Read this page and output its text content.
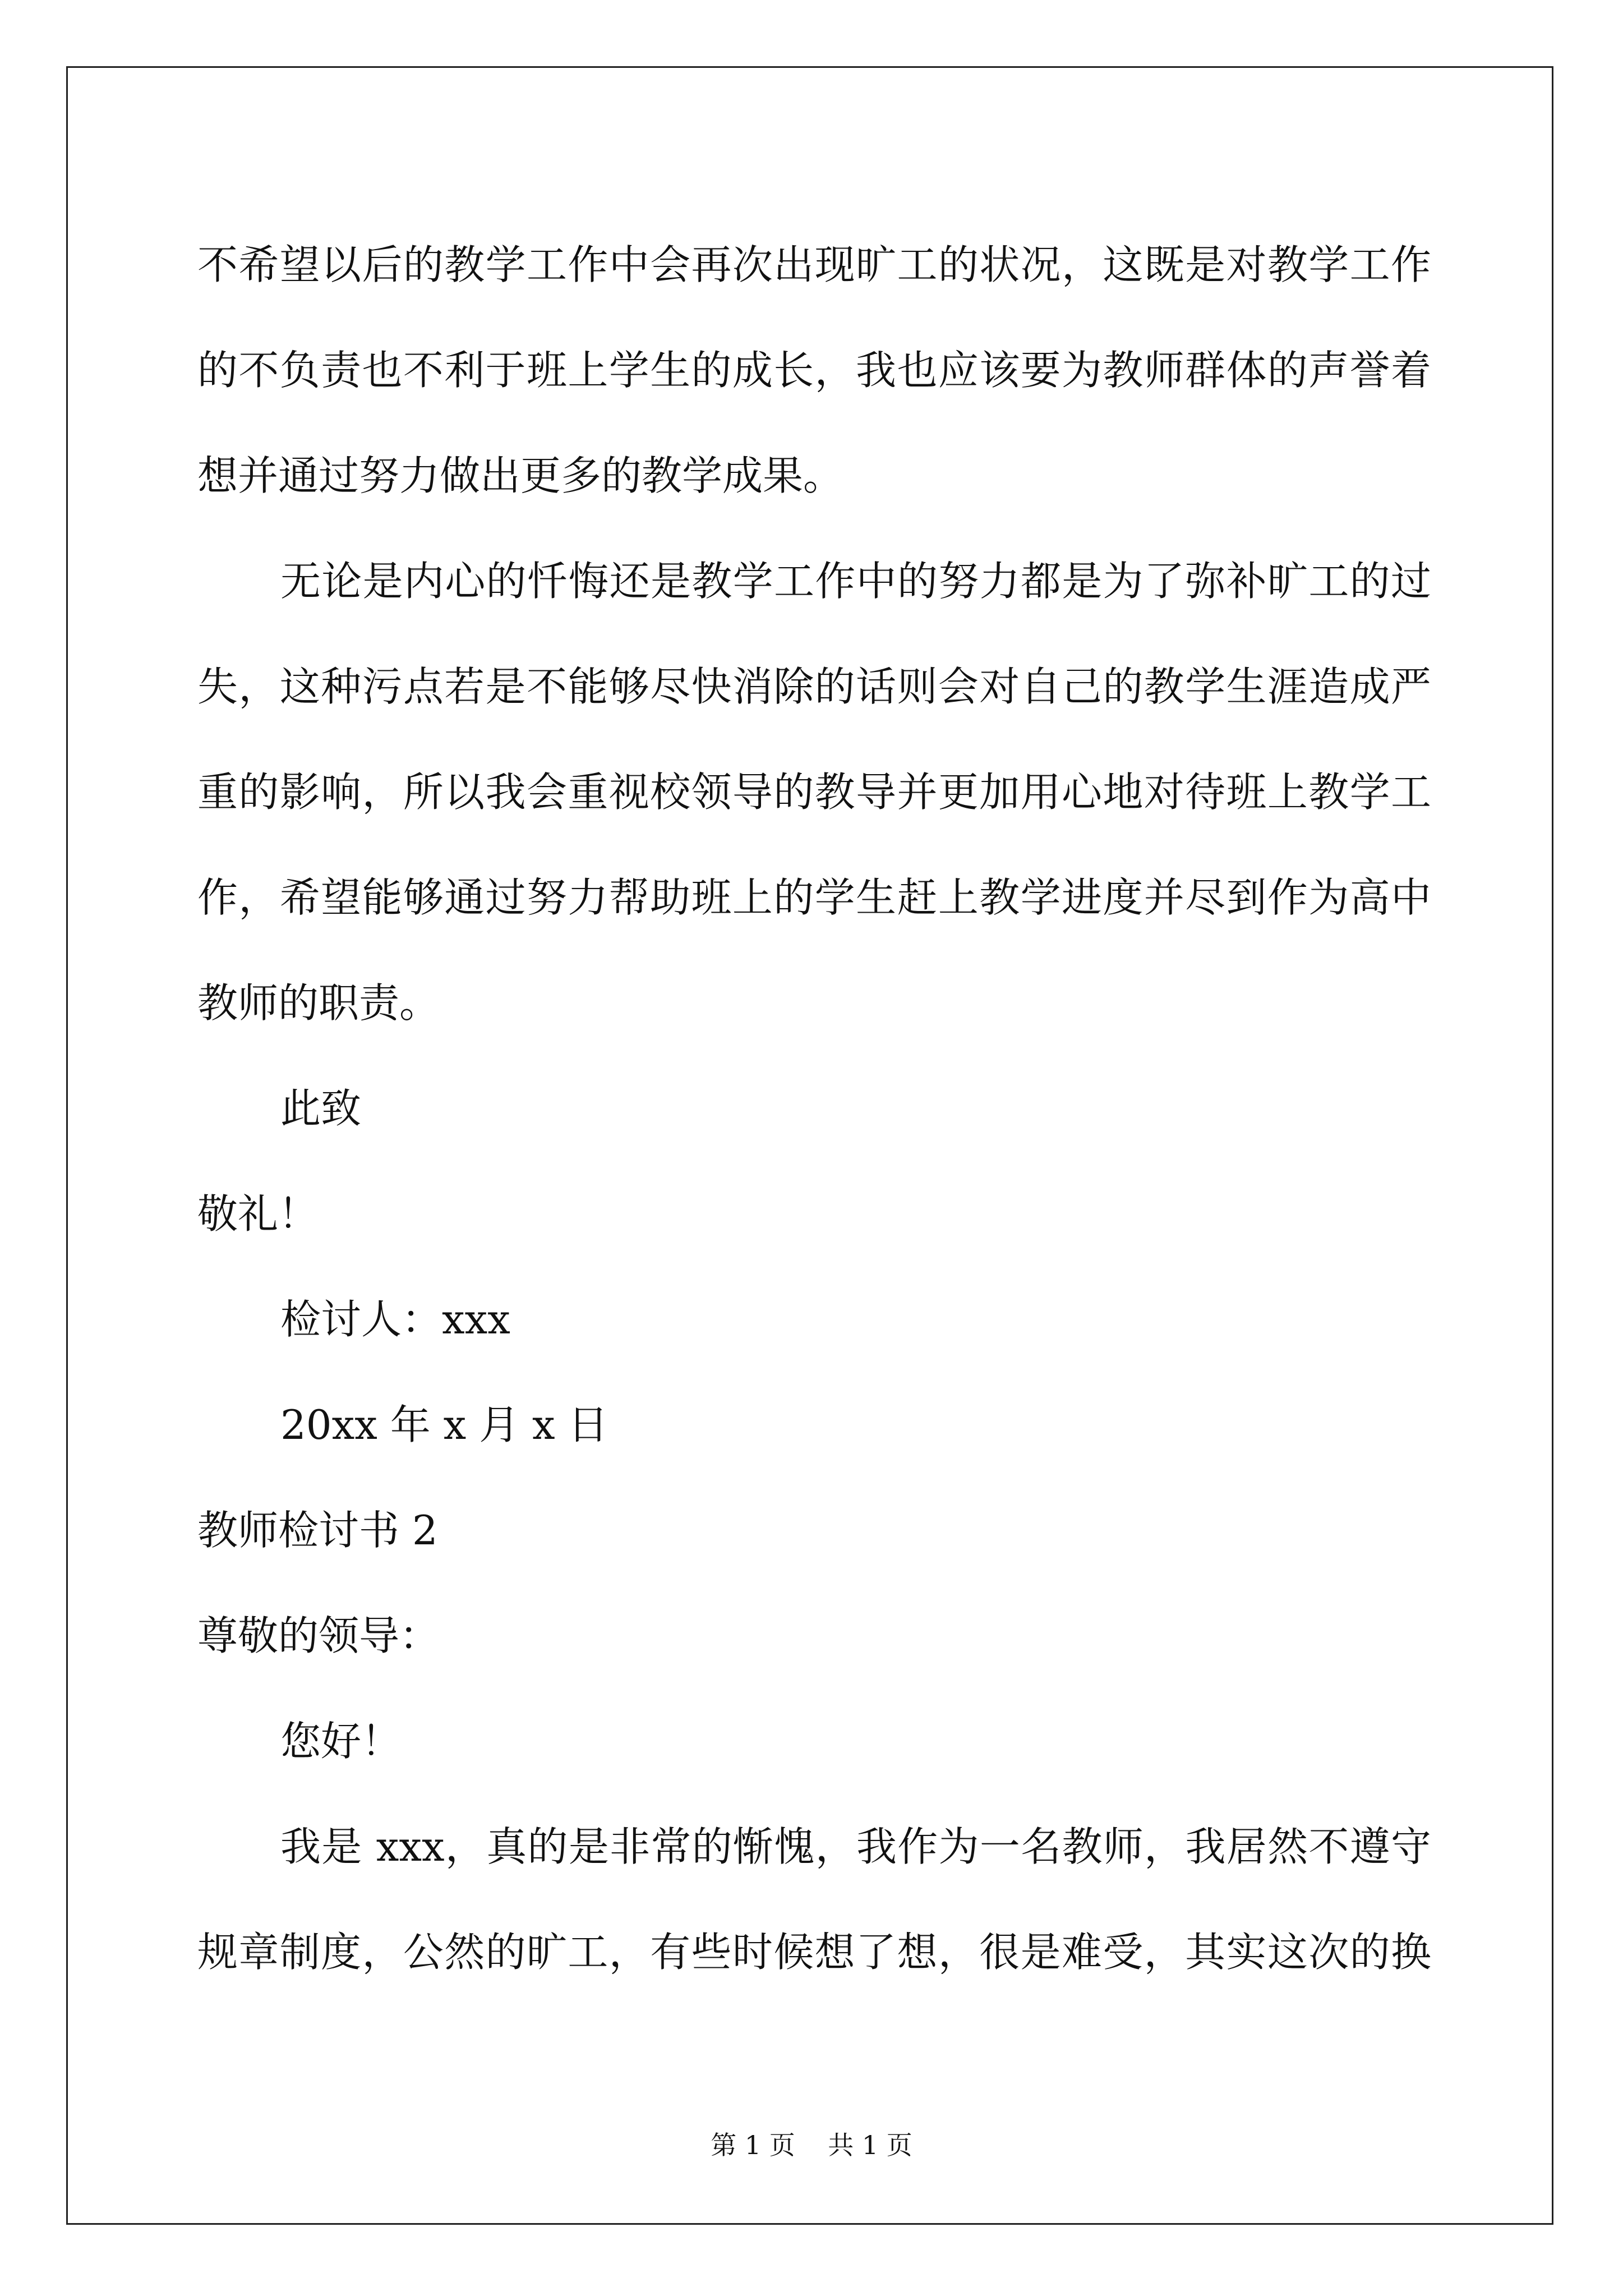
不希望以后的教学工作中会再次出现旷工的状况，这既是对教学工作
的不负责也不利于班上学生的成长，我也应该要为教师群体的声誉着
想并通过努力做出更多的教学成果。
无论是内心的忏悔还是教学工作中的努力都是为了弥补旷工的过
失，这种污点若是不能够尽快消除的话则会对自己的教学生涯造成严
重的影响，所以我会重视校领导的教导并更加用心地对待班上教学工
作，希望能够通过努力帮助班上的学生赶上教学进度并尽到作为高中
教师的职责。
此致
敬礼！
检讨人：xxx
20xx 年 x 月 x 日
教师检讨书 2
尊敬的领导：
您好！
我是 xxx，真的是非常的惭愧，我作为一名教师，我居然不遵守
规章制度，公然的旷工，有些时候想了想，很是难受，其实这次的换
第 1 页 共 1 页
